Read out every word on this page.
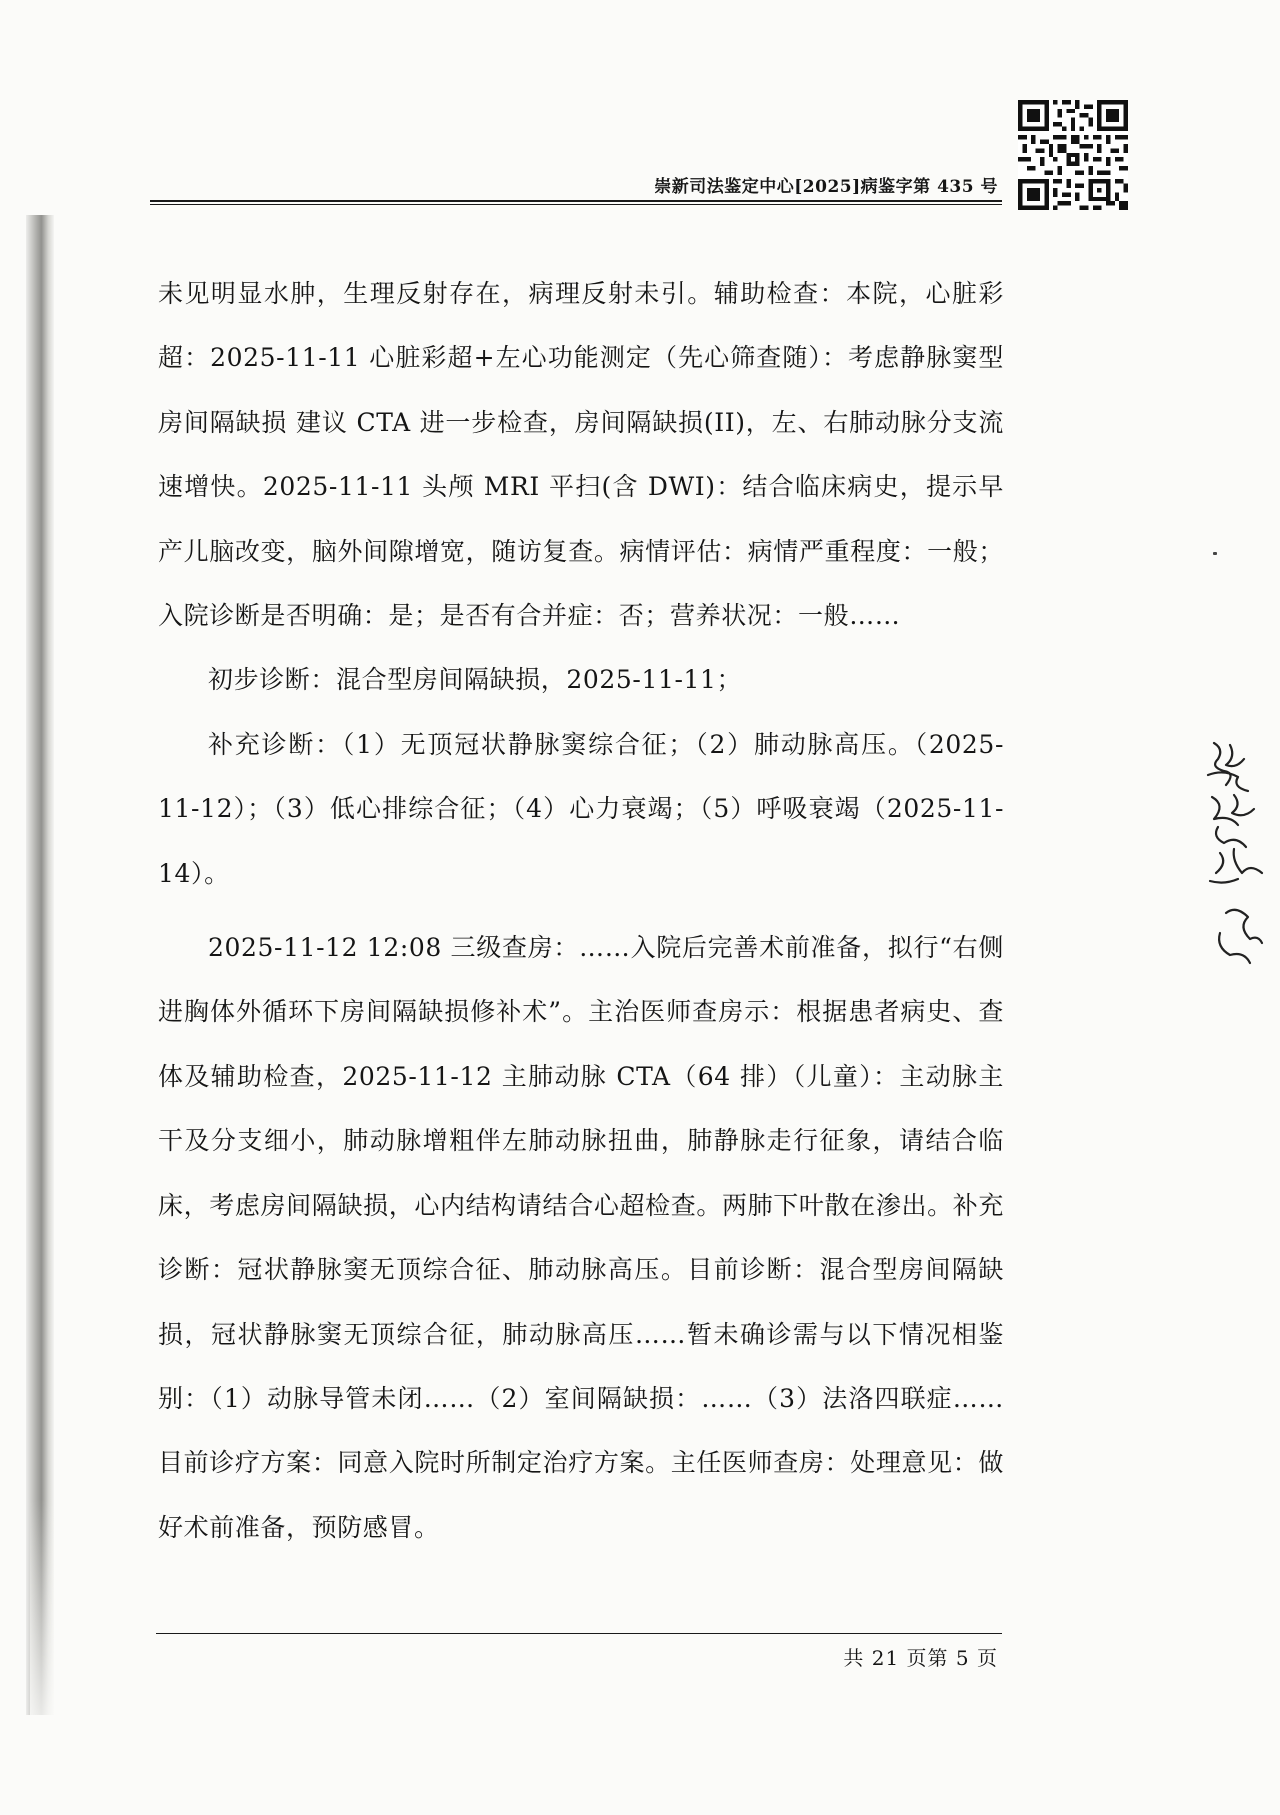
崇新司法鉴定中心[2025]病鉴字第 435 号

未见明显水肿，生理反射存在，病理反射未引。辅助检查：本院，心脏彩超：2025-11-11 心脏彩超+左心功能测定（先心筛查随）：考虑静脉窦型房间隔缺损 建议 CTA 进一步检查，房间隔缺损(II)，左、右肺动脉分支流速增快。2025-11-11 头颅 MRI 平扫(含 DWI)：结合临床病史，提示早产儿脑改变，脑外间隙增宽，随访复查。病情评估：病情严重程度：一般；入院诊断是否明确：是；是否有合并症：否；营养状况：一般……

初步诊断：混合型房间隔缺损，2025-11-11；

补充诊断：（1）无顶冠状静脉窦综合征；（2）肺动脉高压。（2025-11-12）；（3）低心排综合征；（4）心力衰竭；（5）呼吸衰竭（2025-11-14）。

2025-11-12 12:08 三级查房：……入院后完善术前准备，拟行“右侧进胸体外循环下房间隔缺损修补术”。主治医师查房示：根据患者病史、查体及辅助检查，2025-11-12 主肺动脉 CTA（64 排）（儿童）：主动脉主干及分支细小，肺动脉增粗伴左肺动脉扭曲，肺静脉走行征象，请结合临床，考虑房间隔缺损，心内结构请结合心超检查。两肺下叶散在渗出。补充诊断：冠状静脉窦无顶综合征、肺动脉高压。目前诊断：混合型房间隔缺损，冠状静脉窦无顶综合征，肺动脉高压……暂未确诊需与以下情况相鉴别：（1）动脉导管未闭……（2）室间隔缺损：……（3）法洛四联症……目前诊疗方案：同意入院时所制定治疗方案。主任医师查房：处理意见：做好术前准备，预防感冒。

共 21 页第 5 页
